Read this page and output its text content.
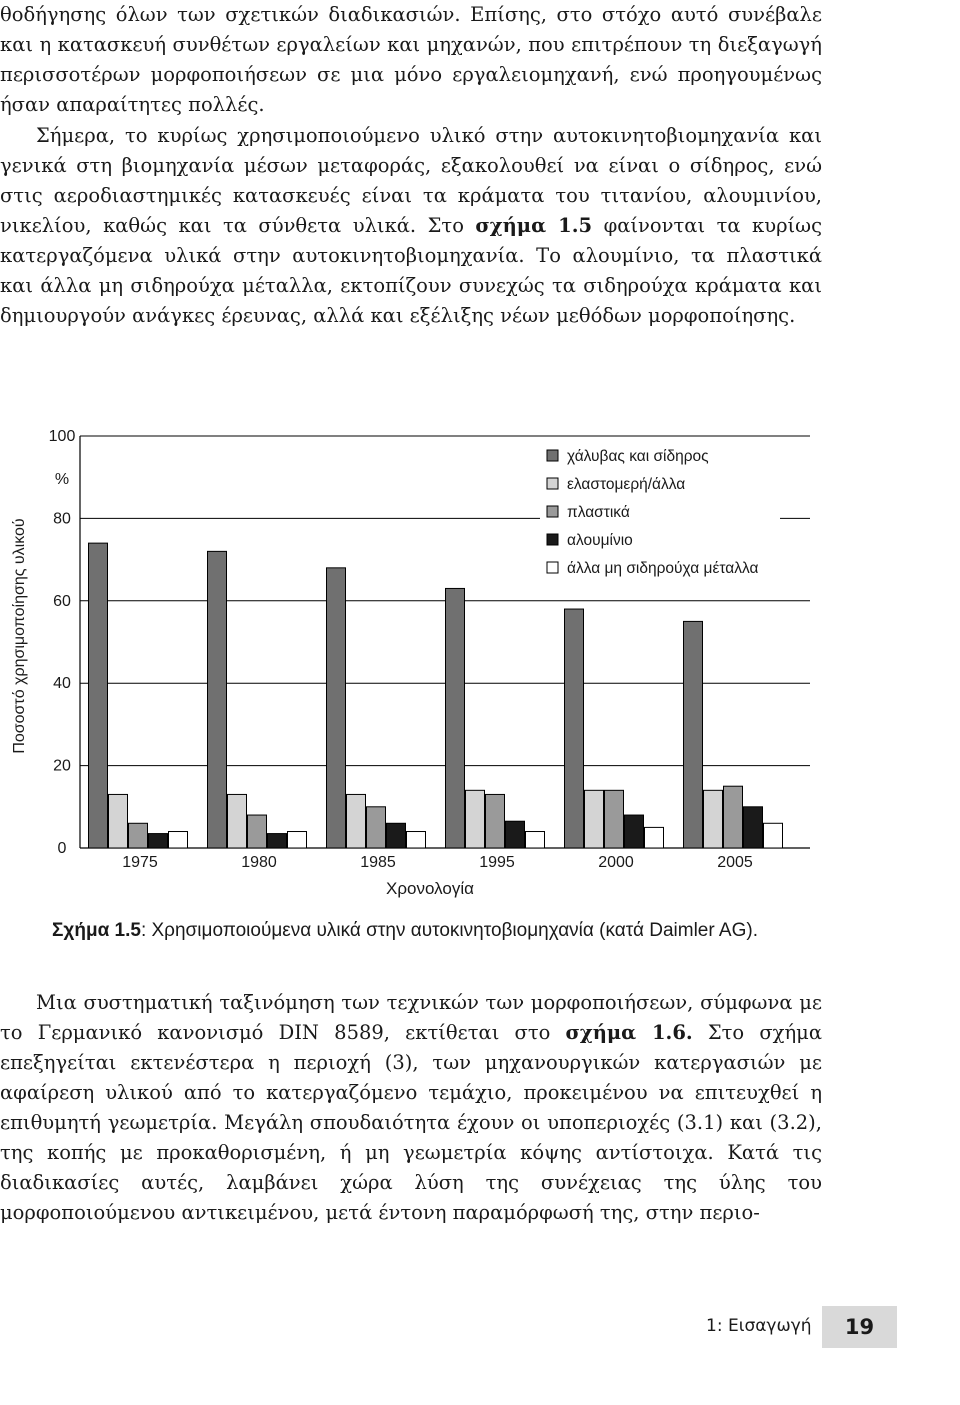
θοδήγησης όλων των σχετικών διαδικασιών. Επίσης, στο στόχο αυτό συνέβαλε και η κατασκευή συνθέτων εργαλείων και μηχανών, που επιτρέπουν τη διεξαγωγή περισσοτέρων μορφοποιήσεων σε μια μόνο εργαλειομηχανή, ενώ προηγουμένως ήσαν απαραίτητες πολλές.
Σήμερα, το κυρίως χρησιμοποιούμενο υλικό στην αυτοκινητοβιομηχανία και γενικά στη βιομηχανία μέσων μεταφοράς, εξακολουθεί να είναι ο σίδηρος, ενώ στις αεροδιαστημικές κατασκευές είναι τα κράματα του τιτανίου, αλουμινίου, νικελίου, καθώς και τα σύνθετα υλικά. Στο σχήμα 1.5 φαίνονται τα κυρίως κατεργαζόμενα υλικά στην αυτοκινητοβιομηχανία. Το αλουμίνιο, τα πλαστικά και άλλα μη σιδηρούχα μέταλλα, εκτοπίζουν συνεχώς τα σιδηρούχα κράματα και δημιουργούν ανάγκες έρευνας, αλλά και εξέλιξης νέων μεθόδων μορφοποίησης.
0
20
40
60
80
100
1975	1980	1985	1995	2000	2005
χάλυβας και σίδηρος
ελαστομερή/άλλα
πλαστικά
αλουμίνιο
άλλα μη σιδηρούχα μέταλλα
Ποσοστό χρησιμοποίησης υλικού
%
Χρονολογία
Σχήμα 1.5: Χρησιμοποιούμενα υλικά στην αυτοκινητοβιομηχανία (κατά Daimler AG).
Μια συστηματική ταξινόμηση των τεχνικών των μορφοποιήσεων, σύμφωνα με το Γερμανικό κανονισμό DIN 8589, εκτίθεται στο σχήμα 1.6. Στο σχήμα επεξηγείται εκτενέστερα η περιοχή (3), των μηχανουργικών κατεργασιών με αφαίρεση υλικού από το κατεργαζόμενο τεμάχιο, προκειμένου να επιτευχθεί η επιθυμητή γεωμετρία. Μεγάλη σπουδαιότητα έχουν οι υποπεριοχές (3.1) και (3.2), της κοπής με προκαθορισμένη, ή μη γεωμετρία κόψης αντίστοιχα. Κατά τις διαδικασίες αυτές, λαμβάνει χώρα λύση της συνέχειας της ύλης του μορφοποιούμενου αντικειμένου, μετά έντονη παραμόρφωσή της, στην περιο-
1: Εισαγωγή	19
